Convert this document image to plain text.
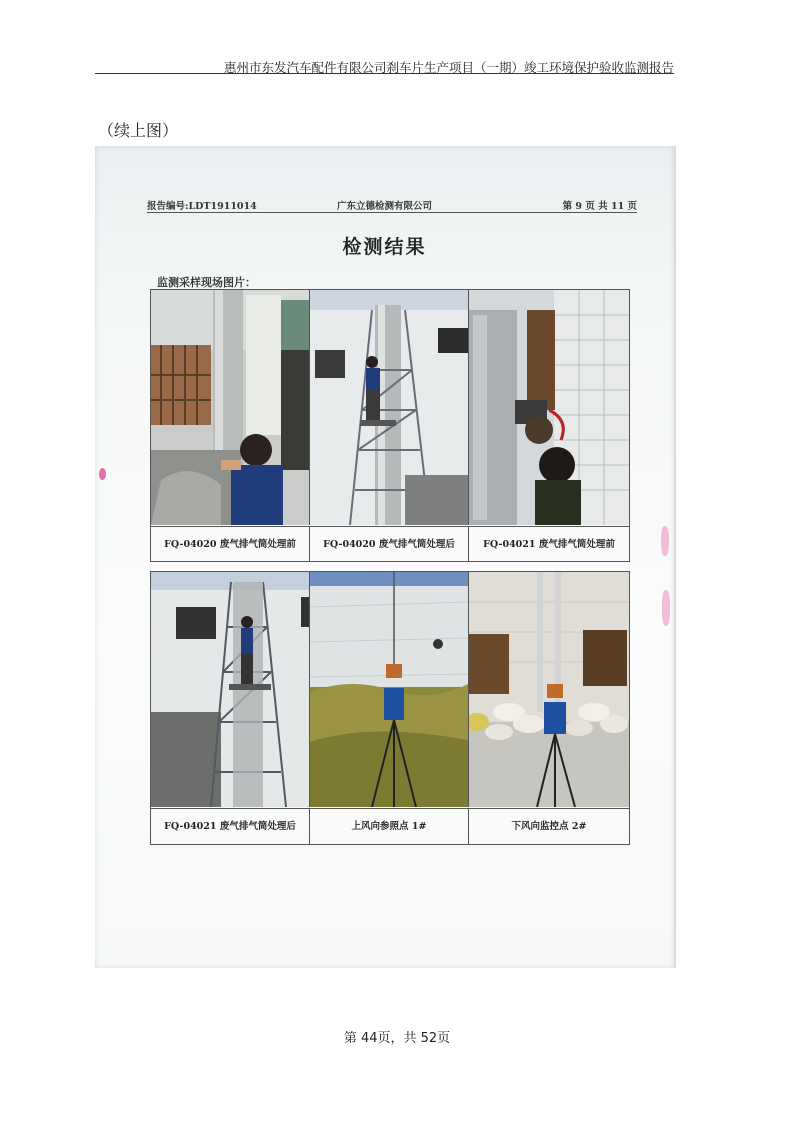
惠州市东发汽车配件有限公司刹车片生产项目（一期）竣工环境保护验收监测报告
（续上图）
报告编号:LDT1911014	广东立德检测有限公司	第 9 页 共 11 页
检测结果
监测采样现场图片：
FQ-04020 废气排气筒处理前	FQ-04020 废气排气筒处理后	FQ-04021 废气排气筒处理前
FQ-04021 废气排气筒处理后	上风向参照点 1#	下风向监控点 2#
第 44页，共 52页
